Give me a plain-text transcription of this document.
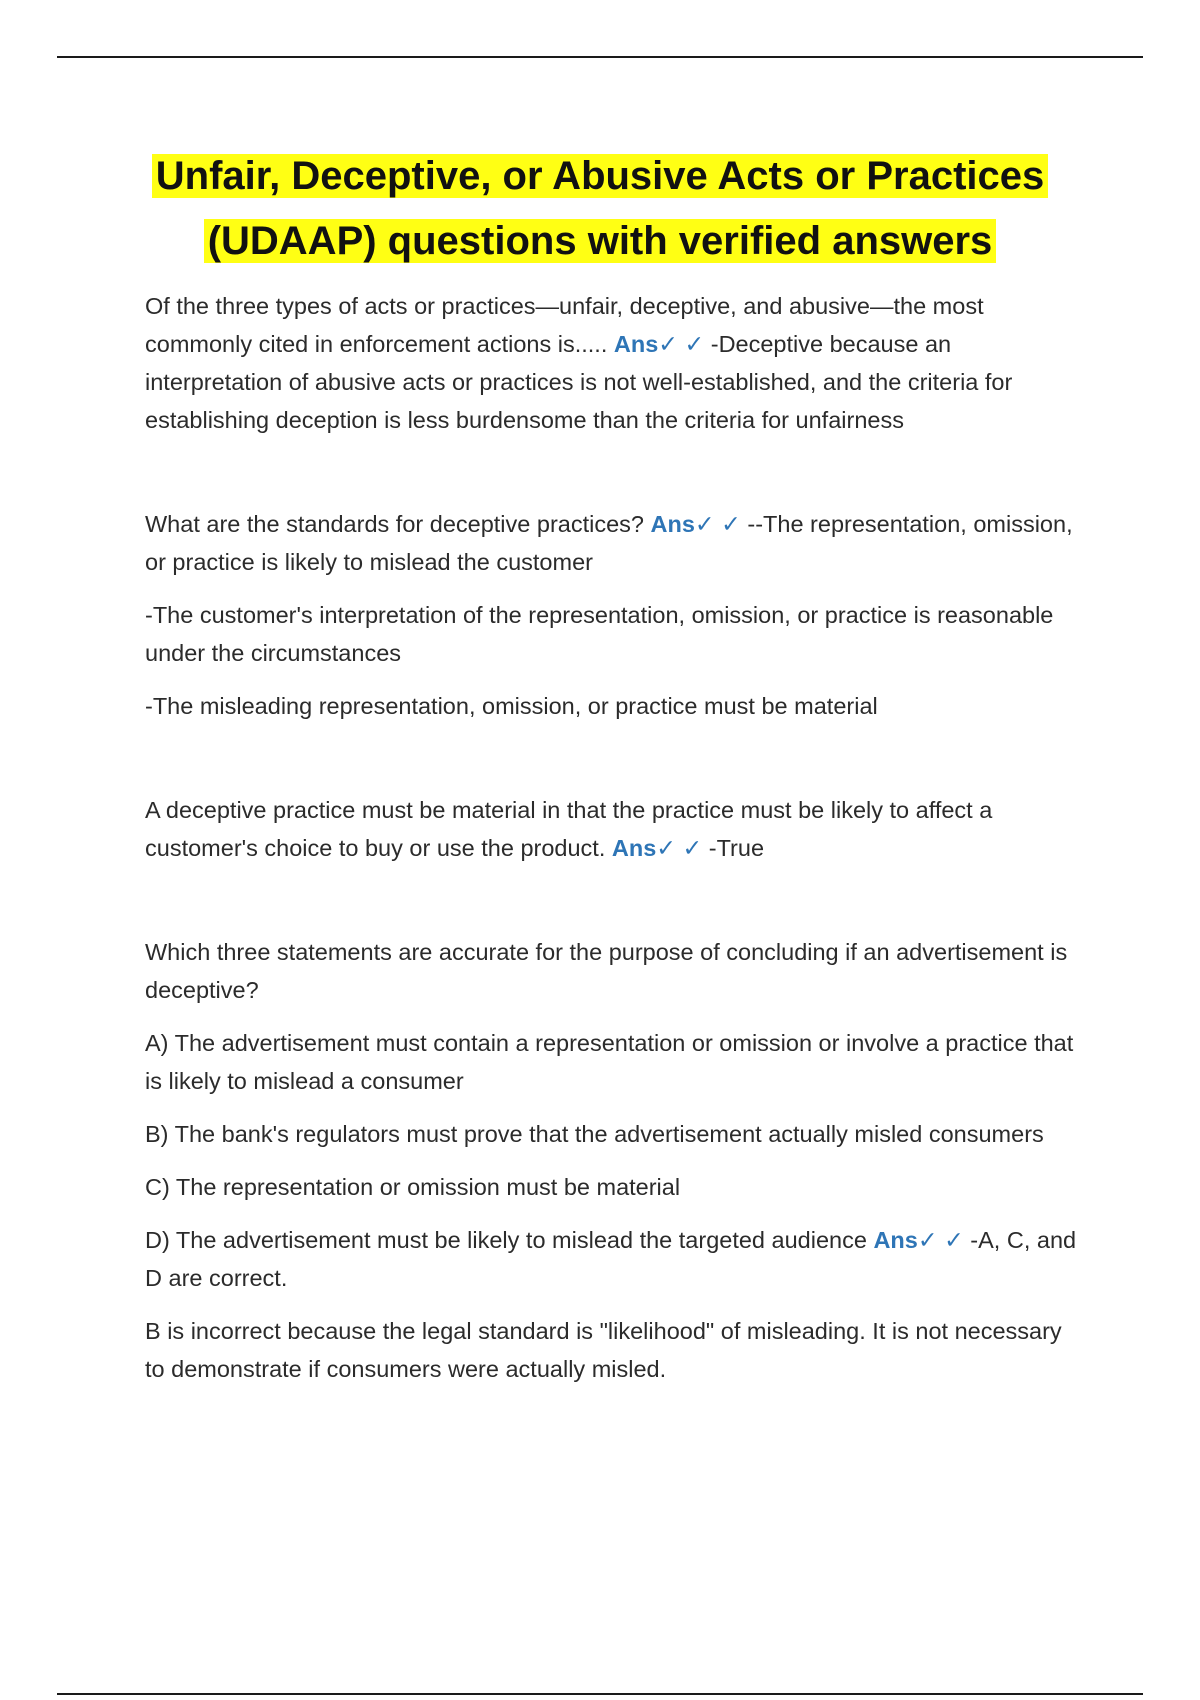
Unfair, Deceptive, or Abusive Acts or Practices
(UDAAP) questions with verified answers

Of the three types of acts or practices—unfair, deceptive, and abusive—the most commonly cited in enforcement actions is..... Ans✓ ✓ -Deceptive because an interpretation of abusive acts or practices is not well-established, and the criteria for establishing deception is less burdensome than the criteria for unfairness

What are the standards for deceptive practices? Ans✓ ✓ --The representation, omission, or practice is likely to mislead the customer

-The customer's interpretation of the representation, omission, or practice is reasonable under the circumstances

-The misleading representation, omission, or practice must be material

A deceptive practice must be material in that the practice must be likely to affect a customer's choice to buy or use the product. Ans✓ ✓ -True

Which three statements are accurate for the purpose of concluding if an advertisement is deceptive?

A) The advertisement must contain a representation or omission or involve a practice that is likely to mislead a consumer

B) The bank's regulators must prove that the advertisement actually misled consumers

C) The representation or omission must be material

D) The advertisement must be likely to mislead the targeted audience Ans✓ ✓ -A, C, and D are correct.

B is incorrect because the legal standard is "likelihood" of misleading. It is not necessary to demonstrate if consumers were actually misled.
